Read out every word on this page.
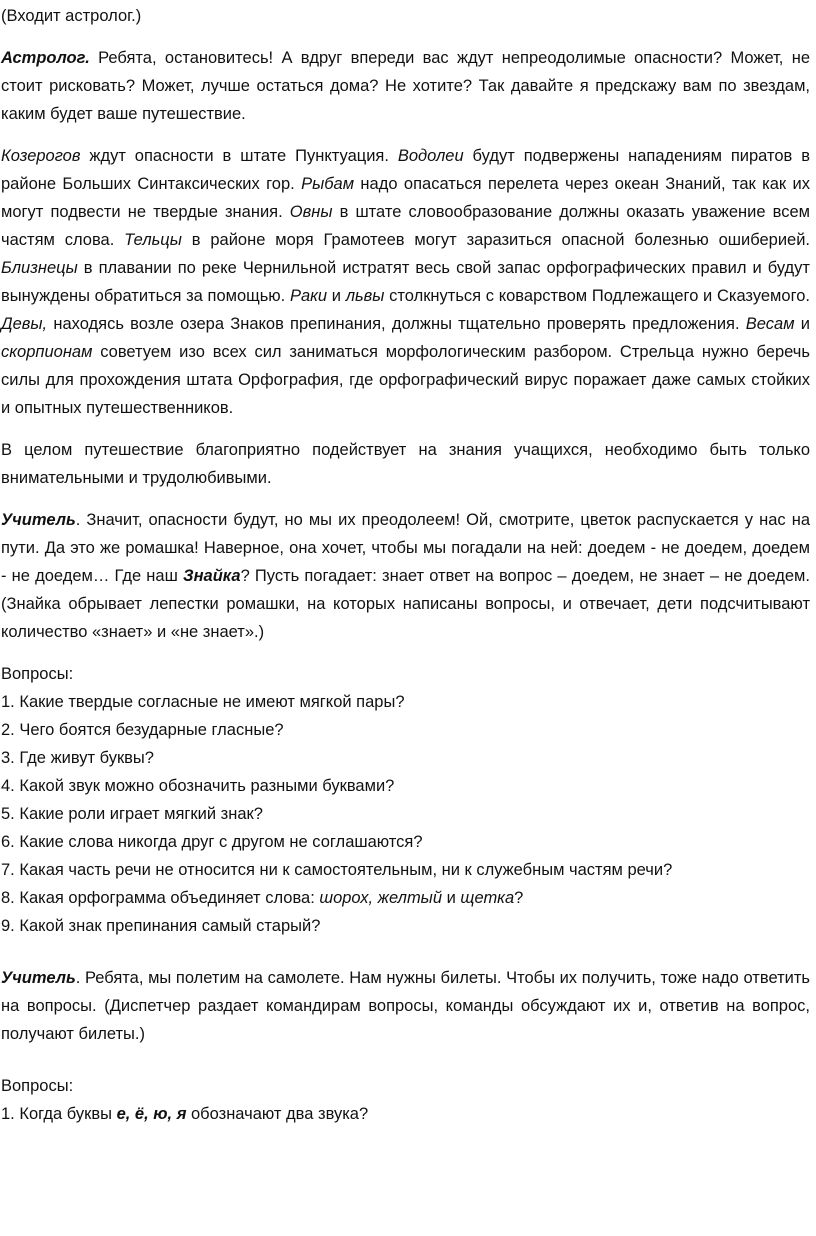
(Входит астролог.)

Астролог. Ребята, остановитесь! А вдруг впереди вас ждут непреодолимые опасности? Может, не стоит рисковать? Может, лучше остаться дома? Не хотите? Так давайте я предскажу вам по звездам, каким будет ваше путешествие.

Козерогов ждут опасности в штате Пунктуация. Водолеи будут подвержены нападениям пиратов в районе Больших Синтаксических гор. Рыбам надо опасаться перелета через океан Знаний, так как их могут подвести не твердые знания. Овны в штате словообразование должны оказать уважение всем частям слова. Тельцы в районе моря Грамотеев могут заразиться опасной болезнью ошиберией. Близнецы в плавании по реке Чернильной истратят весь свой запас орфографических правил и будут вынуждены обратиться за помощью. Раки и львы столкнуться с коварством Подлежащего и Сказуемого. Девы, находясь возле озера Знаков препинания, должны тщательно проверять предложения. Весам и скорпионам советуем изо всех сил заниматься морфологическим разбором. Стрельца нужно беречь силы для прохождения штата Орфография, где орфографический вирус поражает даже самых стойких и опытных путешественников.

В целом путешествие благоприятно подействует на знания учащихся, необходимо быть только внимательными и трудолюбивыми.

Учитель. Значит, опасности будут, но мы их преодолеем! Ой, смотрите, цветок распускается у нас на пути. Да это же ромашка! Наверное, она хочет, чтобы мы погадали на ней: доедем - не доедем, доедем - не доедем… Где наш Знайка? Пусть погадает: знает ответ на вопрос – доедем, не знает – не доедем. (Знайка обрывает лепестки ромашки, на которых написаны вопросы, и отвечает, дети подсчитывают количество «знает» и «не знает».)

Вопросы:
1. Какие твердые согласные не имеют мягкой пары?
2. Чего боятся безударные гласные?
3. Где живут буквы?
4. Какой звук можно обозначить разными буквами?
5. Какие роли играет мягкий знак?
6. Какие слова никогда друг с другом не соглашаются?
7. Какая часть речи не относится ни к самостоятельным, ни к служебным частям речи?
8. Какая орфограмма объединяет слова: шорох, желтый и щетка?
9. Какой знак препинания самый старый?

Учитель. Ребята, мы полетим на самолете. Нам нужны билеты. Чтобы их получить, тоже надо ответить на вопросы. (Диспетчер раздает командирам вопросы, команды обсуждают их и, ответив на вопрос, получают билеты.)

Вопросы:
1. Когда буквы е, ё, ю, я обозначают два звука?
